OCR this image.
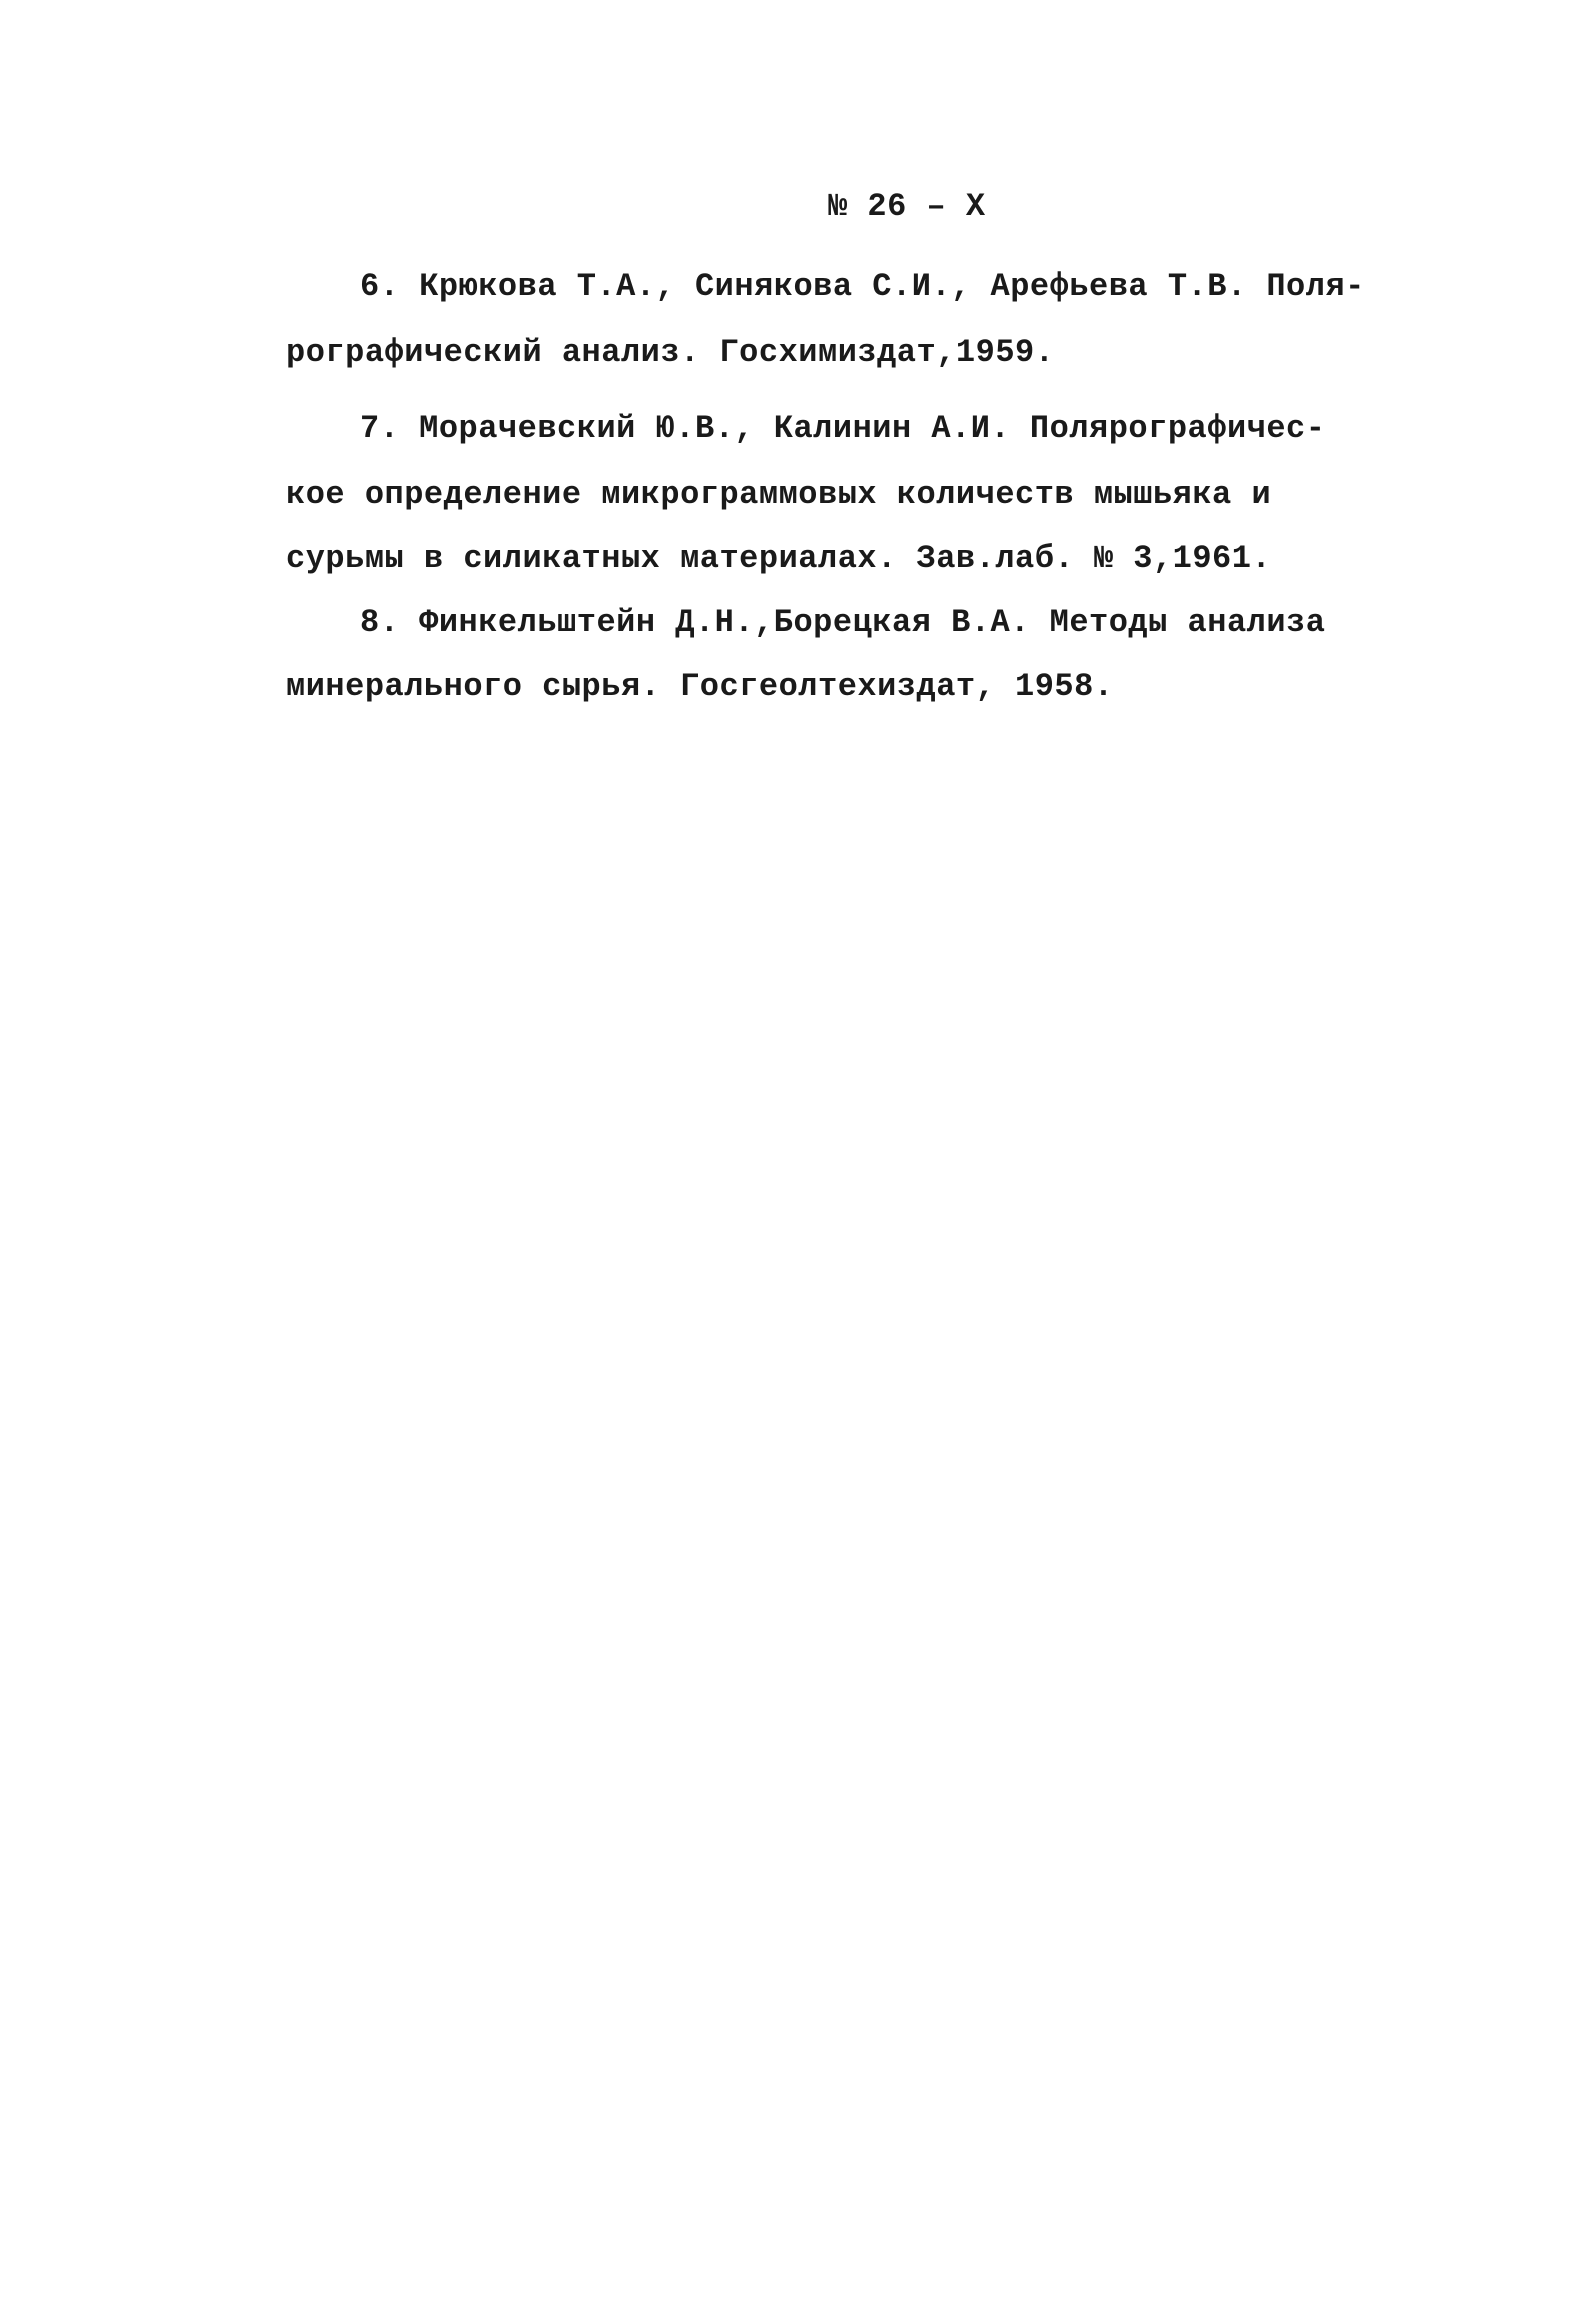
№ 26 – X
6. Крюкова Т.А., Синякова С.И., Арефьева Т.В. Поля-
рографический анализ. Госхимиздат,1959.
7. Морачевский Ю.В., Калинин А.И. Полярографичес-
кое определение микрограммовых количеств мышьяка и
сурьмы в силикатных материалах. Зав.лаб. № 3,1961.
8. Финкельштейн Д.Н.,Борецкая В.А. Методы анализа
минерального сырья. Госгеолтехиздат, 1958.
